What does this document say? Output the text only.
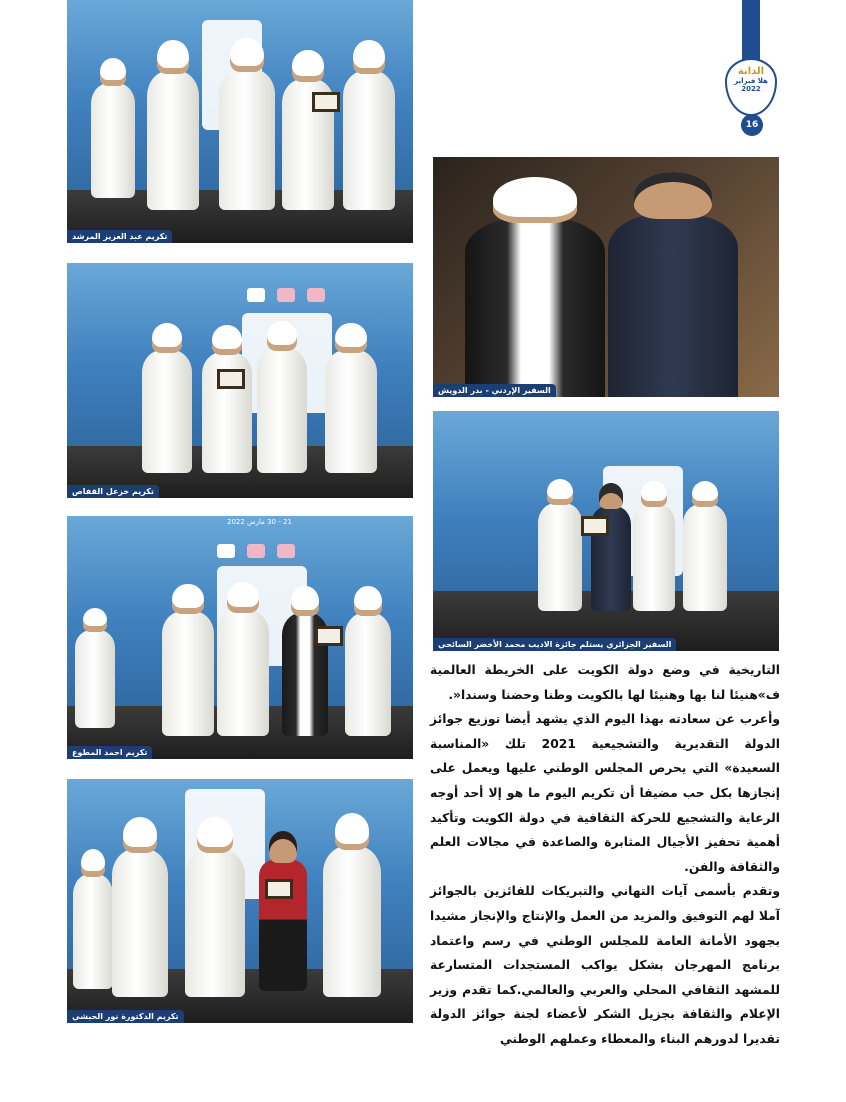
الدانة
هلا فبراير
2022
16
تكريم عبد العزيز المرشد
السفير الإردني - بدر الدويش
تكريم خزعل القفاص
السفير الجزائري يستلم جائزة الاديب محمد الأخضر السائحي
21 - 30 مارس 2022
تكريم احمد المطوع
تكريم الدكتورة نور الحبشي

التاريخية في وضع دولة الكويت على الخريطة العالمية ف»هنيئا لنا بها وهنيئا لها بالكويت وطنا وحضنا وسندا«.

وأعرب عن سعادته بهذا اليوم الذي يشهد أيضا توزيع جوائز الدولة التقديرية والتشجيعية 2021 تلك «المناسبة السعيدة» التي يحرص المجلس الوطني عليها ويعمل على إنجازها بكل حب مضيفا أن تكريم اليوم ما هو إلا أحد أوجه الرعاية والتشجيع للحركة الثقافية في دولة الكويت وتأكيد أهمية تحفيز الأجيال المثابرة والصاعدة في مجالات العلم والثقافة والفن.

وتقدم بأسمى آيات التهاني والتبريكات للفائزين بالجوائز آملا لهم التوفيق والمزيد من العمل والإنتاج والإنجاز مشيدا بجهود الأمانة العامة للمجلس الوطني في رسم واعتماد برنامج المهرجان بشكل يواكب المستجدات المتسارعة للمشهد الثقافي المحلي والعربي والعالمي.كما تقدم وزير الإعلام والثقافة بجزيل الشكر لأعضاء لجنة جوائز الدولة تقديرا لدورهم البناء والمعطاء وعملهم الوطني
